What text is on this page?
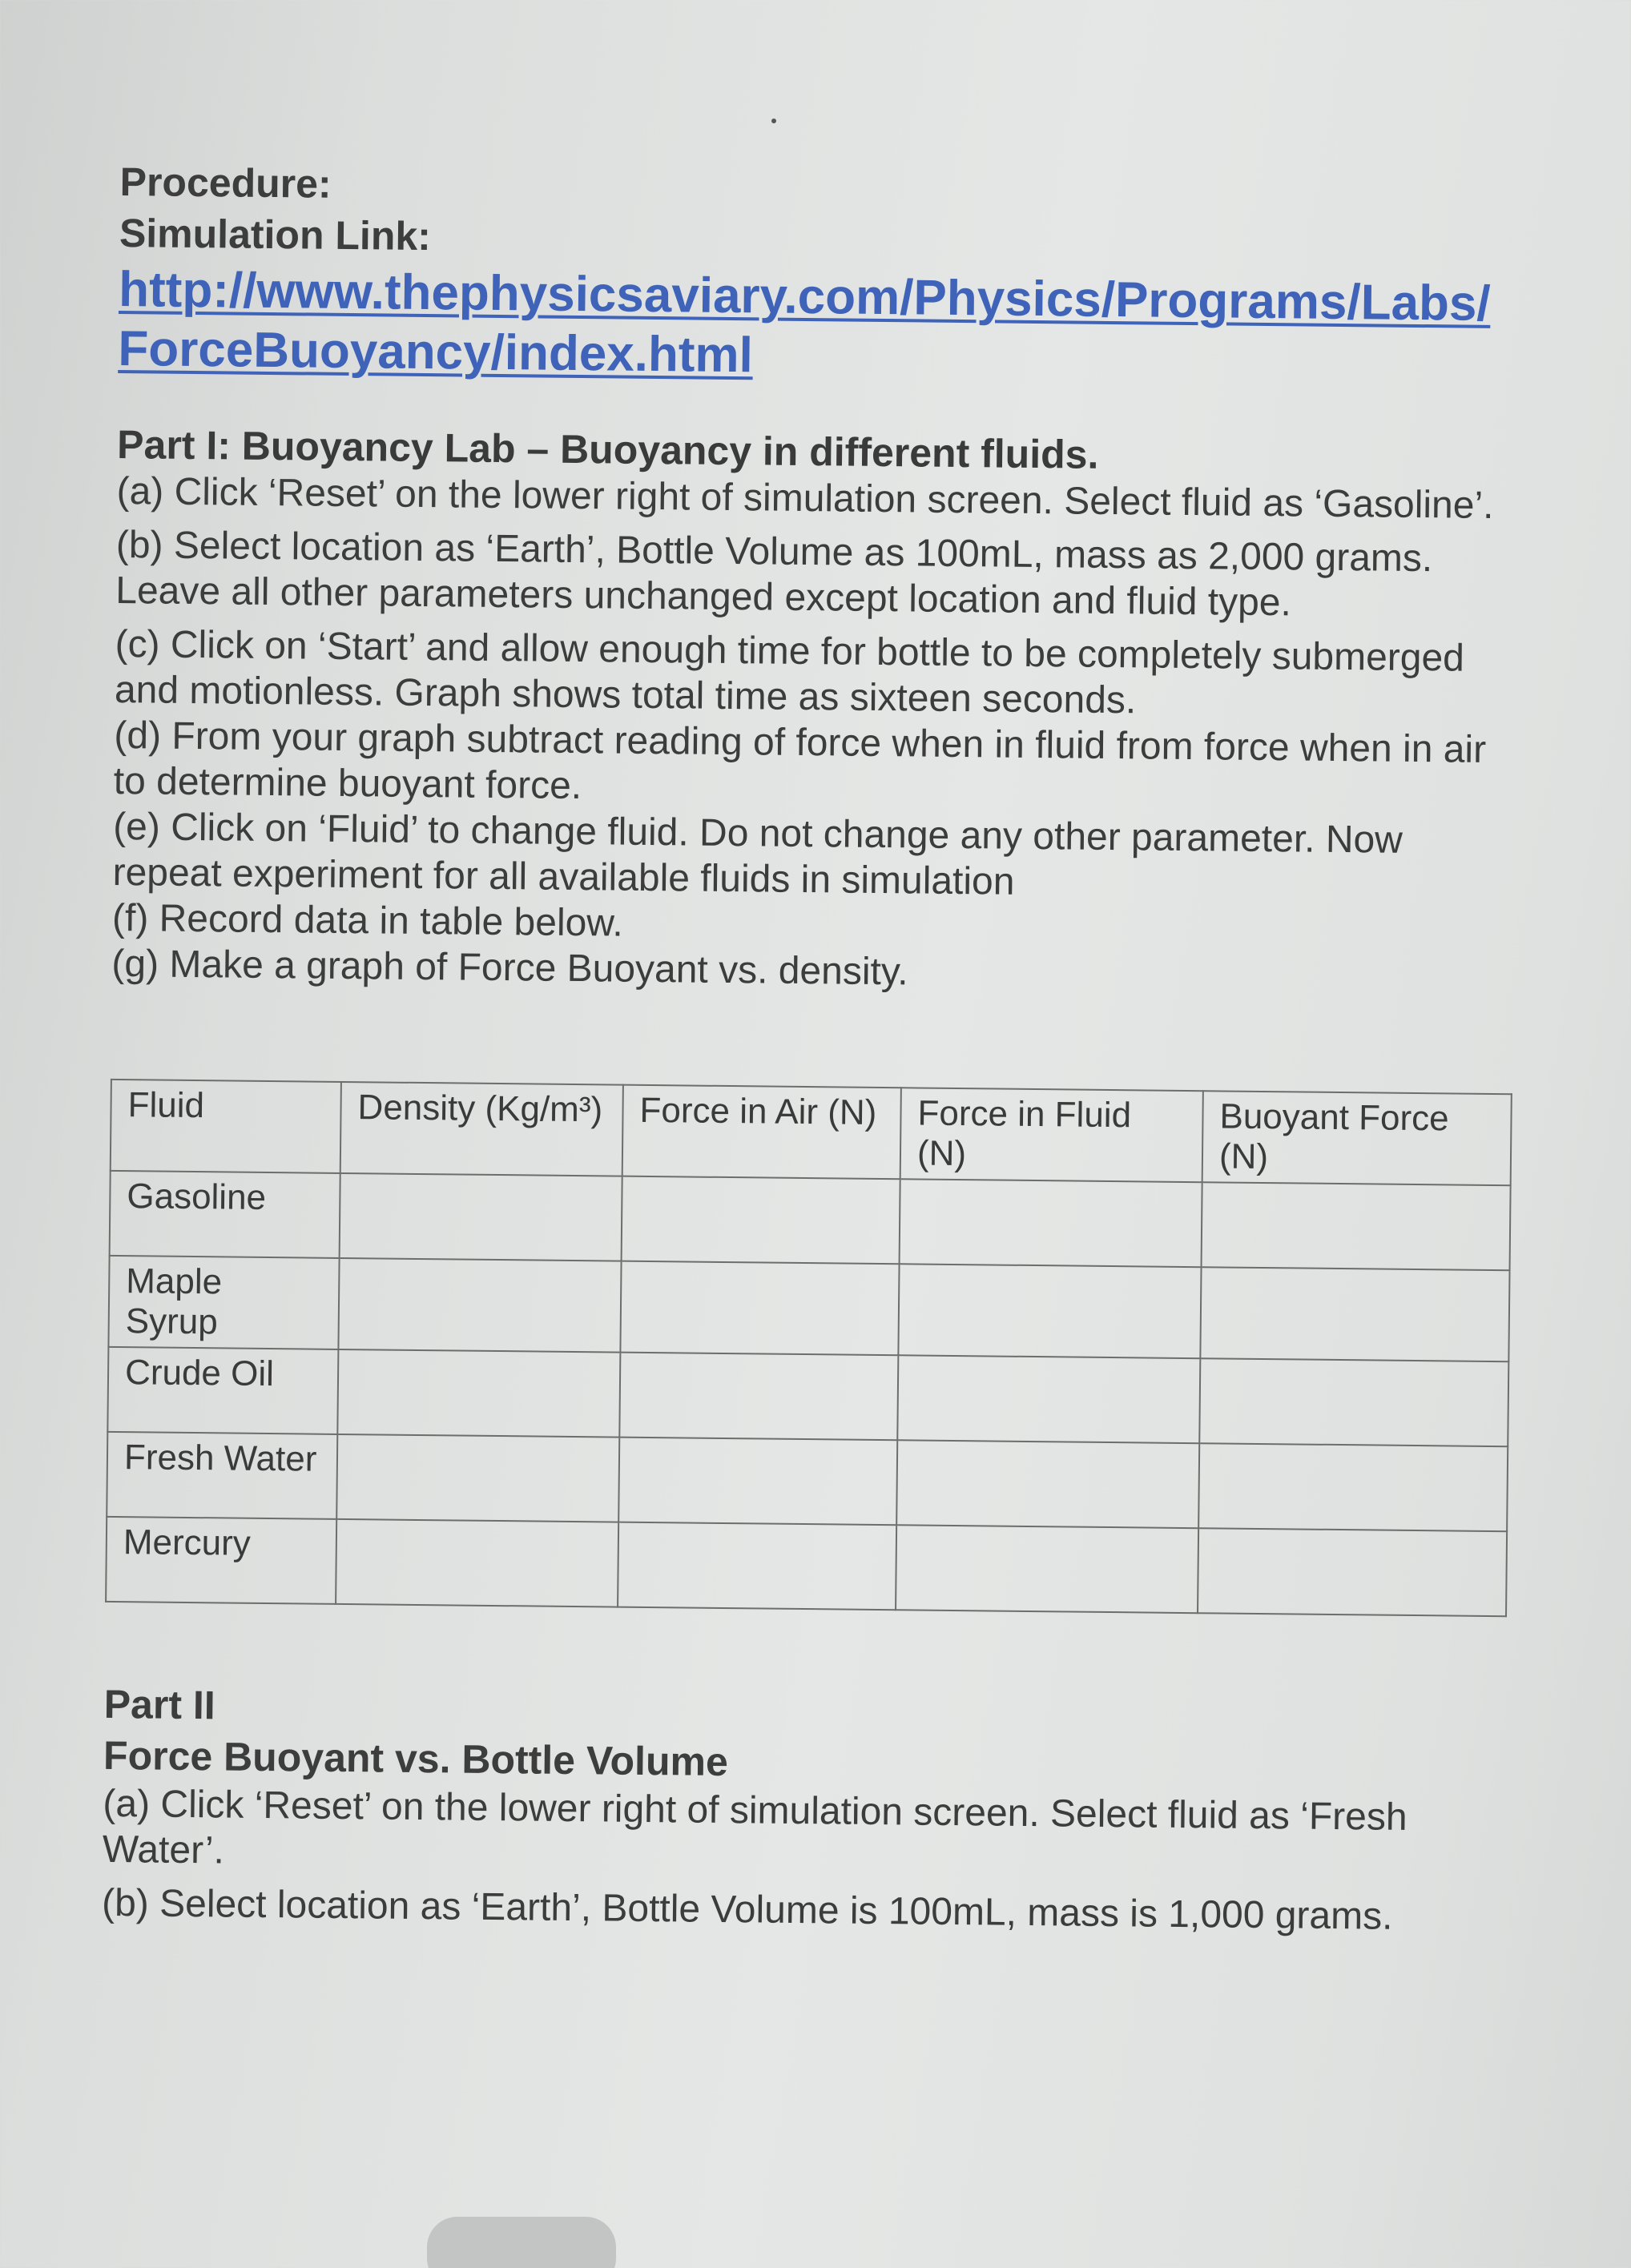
Procedure:

Simulation Link:

http://www.thephysicsaviary.com/Physics/Programs/Labs/ForceBuoyancy/index.html
Part I: Buoyancy Lab – Buoyancy in different fluids.

(a) Click ‘Reset’ on the lower right of simulation screen. Select fluid as ‘Gasoline’.

(b) Select location as ‘Earth’, Bottle Volume as 100mL, mass as 2,000 grams. Leave all other parameters unchanged except location and fluid type.

(c) Click on ‘Start’ and allow enough time for bottle to be completely submerged and motionless. Graph shows total time as sixteen seconds.

(d) From your graph subtract reading of force when in fluid from force when in air to determine buoyant force.

(e) Click on ‘Fluid’ to change fluid. Do not change any other parameter. Now repeat experiment for all available fluids in simulation

(f) Record data in table below.

(g) Make a graph of Force Buoyant vs. density.

Fluid	Density (Kg/m³)	Force in Air (N)	Force in Fluid (N)	Buoyant Force (N)
Gasoline				
Maple Syrup				
Crude Oil				
Fresh Water				
Mercury				

Part II

Force Buoyant vs. Bottle Volume

(a) Click ‘Reset’ on the lower right of simulation screen. Select fluid as ‘Fresh Water’.

(b) Select location as ‘Earth’, Bottle Volume is 100mL, mass is 1,000 grams.
